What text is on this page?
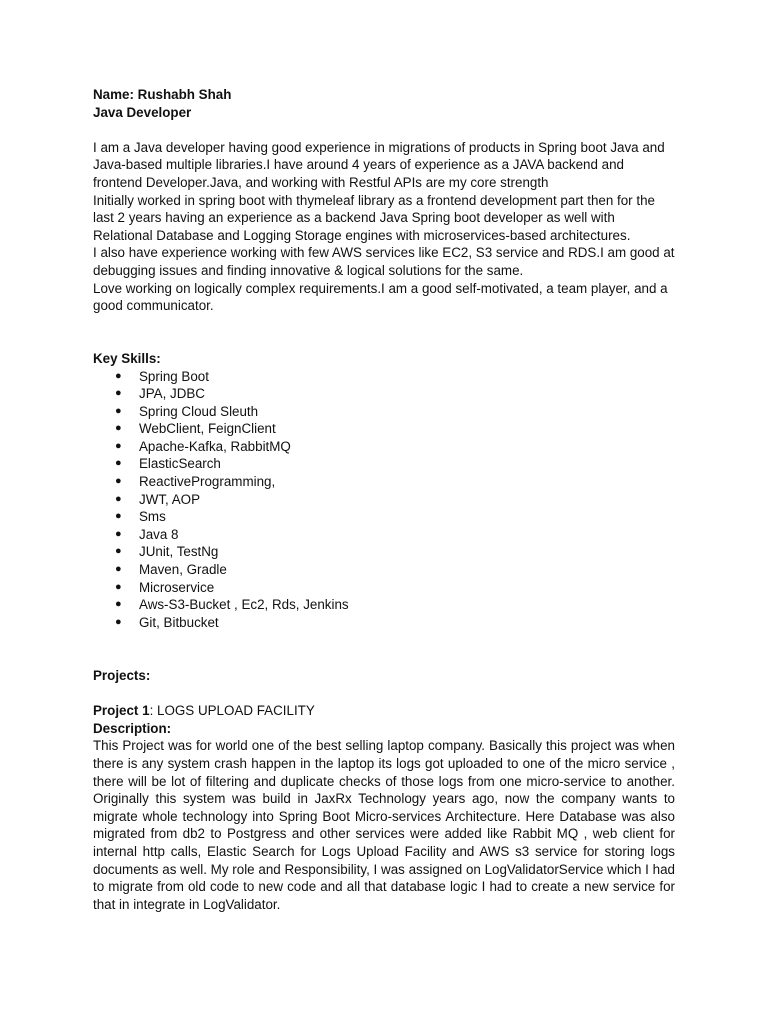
Name: Rushabh Shah
Java Developer
I am a Java developer having good experience in migrations of products in Spring boot Java and Java-based multiple libraries.I have around 4 years of experience as a JAVA backend and frontend Developer.Java, and working with Restful APIs are my core strength
Initially worked in spring boot with thymeleaf library as a frontend development part then for the last 2 years having an experience as a backend Java Spring boot developer as well with Relational Database and Logging Storage engines with microservices-based architectures.
I also have experience working with few AWS services like EC2, S3 service and RDS.I am good at debugging issues and finding innovative & logical solutions for the same.
Love working on logically complex requirements.I am a good self-motivated, a team player, and a good communicator.
Key Skills:
● Spring Boot
● JPA, JDBC
● Spring Cloud Sleuth
● WebClient, FeignClient
● Apache-Kafka, RabbitMQ
● ElasticSearch
● ReactiveProgramming,
● JWT, AOP
● Sms
● Java 8
● JUnit, TestNg
● Maven, Gradle
● Microservice
● Aws-S3-Bucket , Ec2, Rds, Jenkins
● Git, Bitbucket
Projects:
Project 1: LOGS UPLOAD FACILITY
Description:
This Project was for world one of the best selling laptop company. Basically this project was when there is any system crash happen in the laptop its logs got uploaded to one of the micro service , there will be lot of filtering and duplicate checks of those logs from one micro-service to another. Originally this system was build in JaxRx Technology years ago, now the company wants to migrate whole technology into Spring Boot Micro-services Architecture. Here Database was also migrated from db2 to Postgress and other services were added like Rabbit MQ , web client for internal http calls, Elastic Search for Logs Upload Facility and AWS s3 service for storing logs documents as well. My role and Responsibility, I was assigned on LogValidatorService which I had to migrate from old code to new code and all that database logic I had to create a new service for that in integrate in LogValidator.
